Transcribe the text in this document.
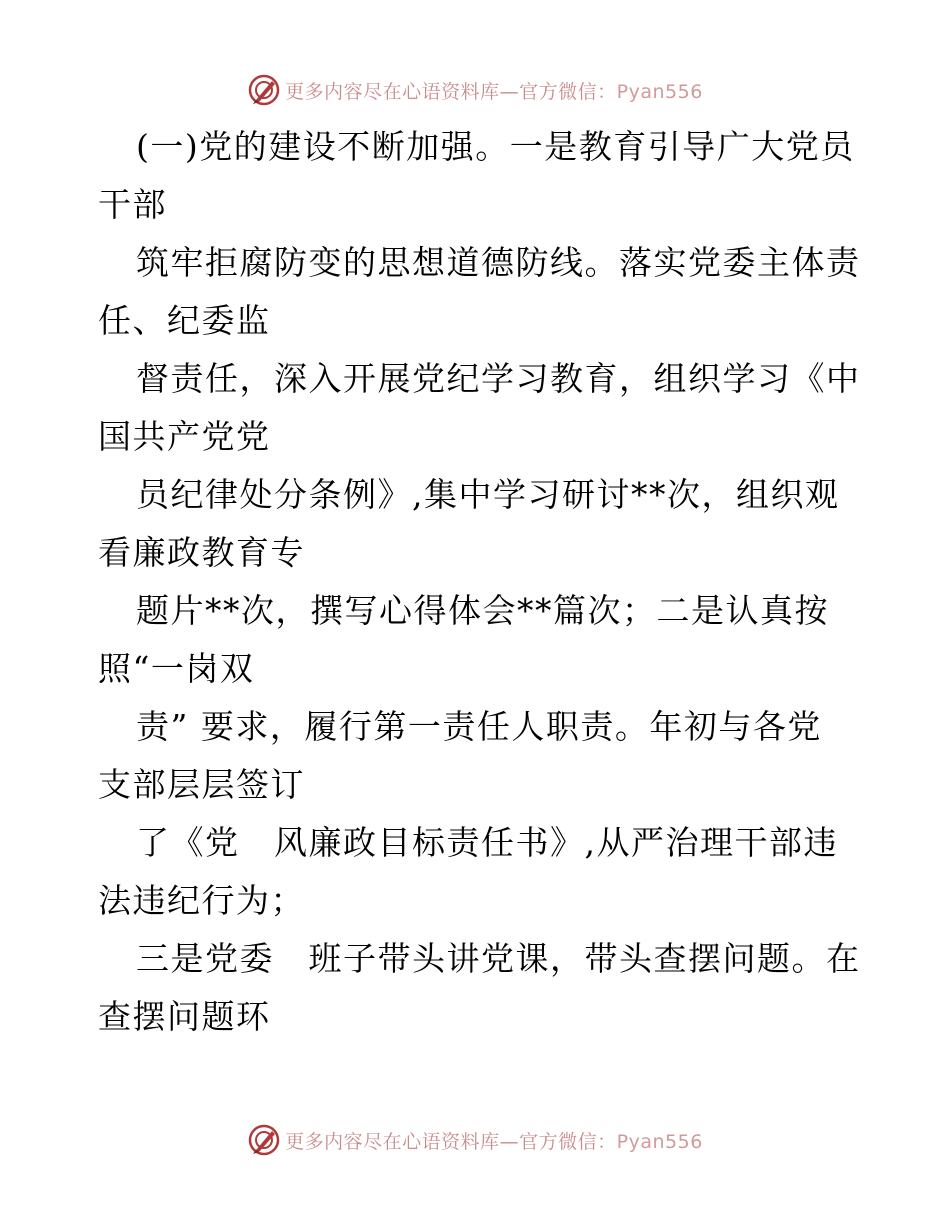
更多内容尽在心语资料库—官方微信：Pyan556
(一)党的建设不断加强。一是教育引导广大党员
干部
筑牢拒腐防变的思想道德防线。落实党委主体责
任、纪委监
督责任，深入开展党纪学习教育，组织学习《中
国共产党党
员纪律处分条例》,集中学习研讨**次，组织观
看廉政教育专
题片**次，撰写心得体会**篇次；二是认真按
照“一岗双
责” 要求，履行第一责任人职责。年初与各党
支部层层签订
了《党　风廉政目标责任书》,从严治理干部违
法违纪行为；
三是党委　班子带头讲党课，带头查摆问题。在
查摆问题环
更多内容尽在心语资料库—官方微信：Pyan556
